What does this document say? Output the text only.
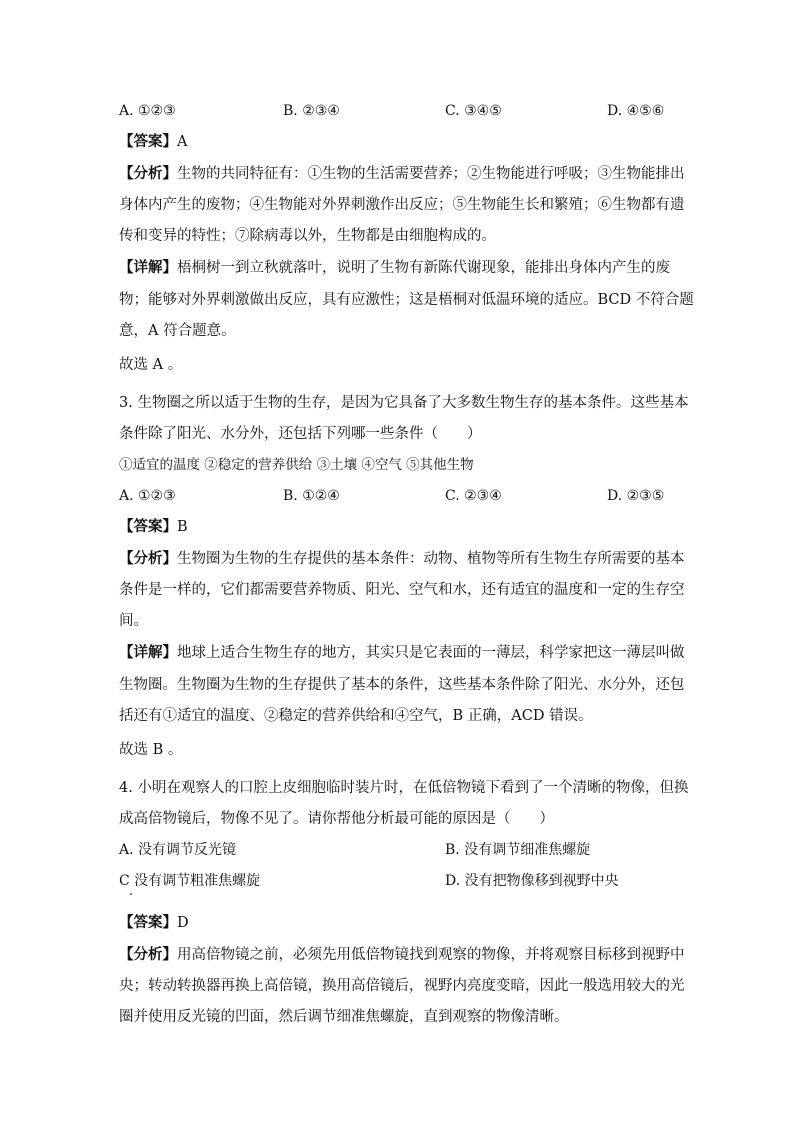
A. ①②③	B. ②③④	C. ③④⑤	D. ④⑤⑥
【答案】A
【分析】生物的共同特征有：①生物的生活需要营养；②生物能进行呼吸；③生物能排出
身体内产生的废物；④生物能对外界刺激作出反应；⑤生物能生长和繁殖；⑥生物都有遗
传和变异的特性；⑦除病毒以外，生物都是由细胞构成的。
【详解】梧桐树一到立秋就落叶，说明了生物有新陈代谢现象，能排出身体内产生的废
物；能够对外界刺激做出反应，具有应激性；这是梧桐对低温环境的适应。BCD 不符合题
意，A 符合题意。
故选 A 。
3. 生物圈之所以适于生物的生存，是因为它具备了大多数生物生存的基本条件。这些基本
条件除了阳光、水分外，还包括下列哪一些条件（　　）
①适宜的温度 ②稳定的营养供给 ③土壤 ④空气 ⑤其他生物
A. ①②③	B. ①②④	C. ②③④	D. ②③⑤
【答案】B
【分析】生物圈为生物的生存提供的基本条件：动物、植物等所有生物生存所需要的基本
条件是一样的，它们都需要营养物质、阳光、空气和水，还有适宜的温度和一定的生存空
间。
【详解】地球上适合生物生存的地方，其实只是它表面的一薄层，科学家把这一薄层叫做
生物圈。生物圈为生物的生存提供了基本的条件，这些基本条件除了阳光、水分外，还包
括还有①适宜的温度、②稳定的营养供给和④空气，B 正确，ACD 错误。
故选 B 。
4. 小明在观察人的口腔上皮细胞临时装片时，在低倍物镜下看到了一个清晰的物像，但换
成高倍物镜后，物像不见了。请你帮他分析最可能的原因是（　　）
A. 没有调节反光镜	B. 没有调节细准焦螺旋
C 没有调节粗准焦螺旋	D. 没有把物像移到视野中央
【答案】D
【分析】用高倍物镜之前，必须先用低倍物镜找到观察的物像，并将观察目标移到视野中
央；转动转换器再换上高倍镜，换用高倍镜后，视野内亮度变暗，因此一般选用较大的光
圈并使用反光镜的凹面，然后调节细准焦螺旋，直到观察的物像清晰。
